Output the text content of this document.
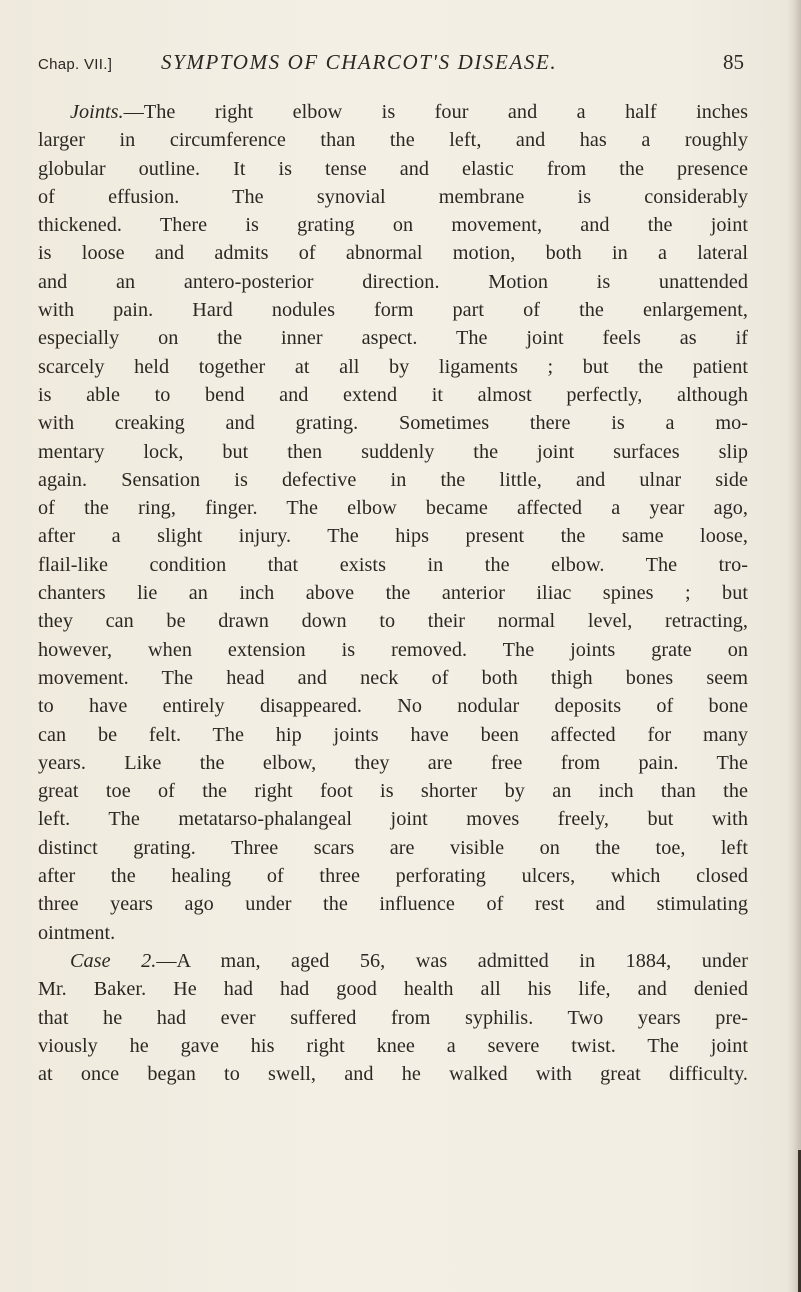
Chap. VII.] SYMPTOMS OF CHARCOT'S DISEASE.	85
Joints.—The right elbow is four and a half inches
larger in circumference than the left, and has a roughly
globular outline. It is tense and elastic from the presence
of effusion. The synovial membrane is considerably
thickened. There is grating on movement, and the joint
is loose and admits of abnormal motion, both in a lateral
and an antero-posterior direction. Motion is unattended
with pain. Hard nodules form part of the enlargement,
especially on the inner aspect. The joint feels as if
scarcely held together at all by ligaments ; but the patient
is able to bend and extend it almost perfectly, although
with creaking and grating. Sometimes there is a mo-
mentary lock, but then suddenly the joint surfaces slip
again. Sensation is defective in the little, and ulnar side
of the ring, finger. The elbow became affected a year ago,
after a slight injury. The hips present the same loose,
flail-like condition that exists in the elbow. The tro-
chanters lie an inch above the anterior iliac spines ; but
they can be drawn down to their normal level, retracting,
however, when extension is removed. The joints grate on
movement. The head and neck of both thigh bones seem
to have entirely disappeared. No nodular deposits of bone
can be felt. The hip joints have been affected for many
years. Like the elbow, they are free from pain. The
great toe of the right foot is shorter by an inch than the
left. The metatarso-phalangeal joint moves freely, but with
distinct grating. Three scars are visible on the toe, left
after the healing of three perforating ulcers, which closed
three years ago under the influence of rest and stimulating
ointment.
Case 2.—A man, aged 56, was admitted in 1884, under
Mr. Baker. He had had good health all his life, and denied
that he had ever suffered from syphilis. Two years pre-
viously he gave his right knee a severe twist. The joint
at once began to swell, and he walked with great difficulty.
